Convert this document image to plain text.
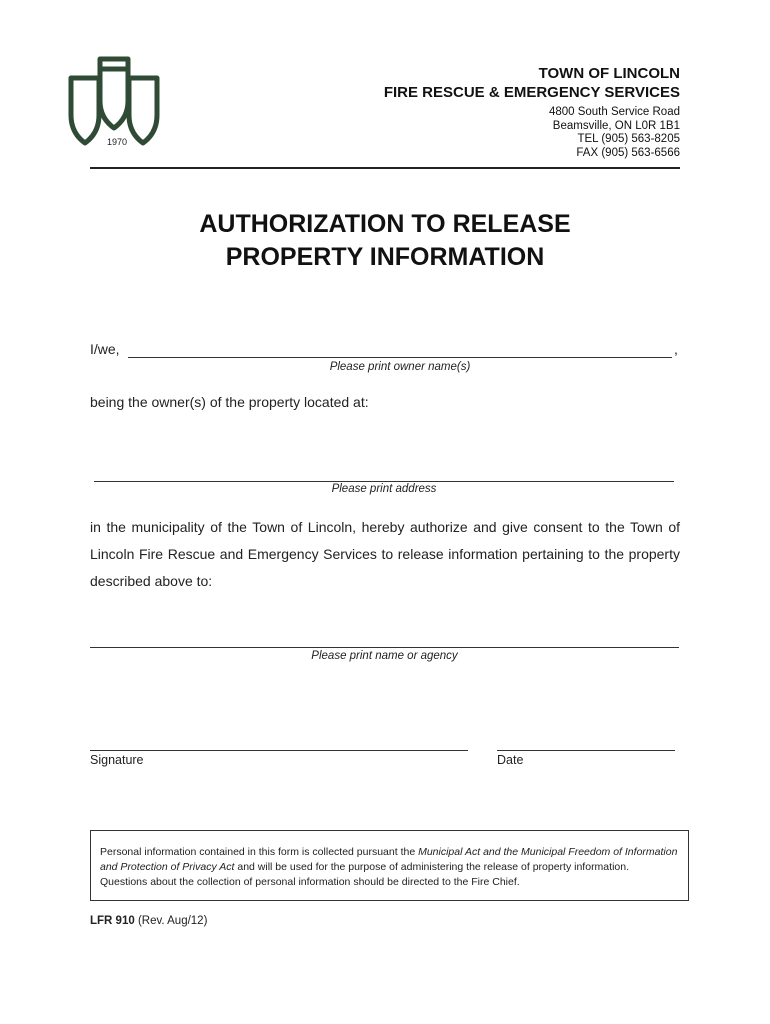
1970
TOWN OF LINCOLN
FIRE RESCUE & EMERGENCY SERVICES
4800 South Service Road
Beamsville, ON L0R 1B1
TEL (905) 563-8205
FAX (905) 563-6566
AUTHORIZATION TO RELEASE
PROPERTY INFORMATION
I/we,	,
Please print owner name(s)
being the owner(s) of the property located at:
Please print address
in the municipality of the Town of Lincoln, hereby authorize and give consent to the Town of Lincoln Fire Rescue and Emergency Services to release information pertaining to the property described above to:
Please print name or agency
Signature	Date
Personal information contained in this form is collected pursuant the Municipal Act and the Municipal Freedom of Information and Protection of Privacy Act and will be used for the purpose of administering the release of property information. Questions about the collection of personal information should be directed to the Fire Chief.
LFR 910 (Rev. Aug/12)
